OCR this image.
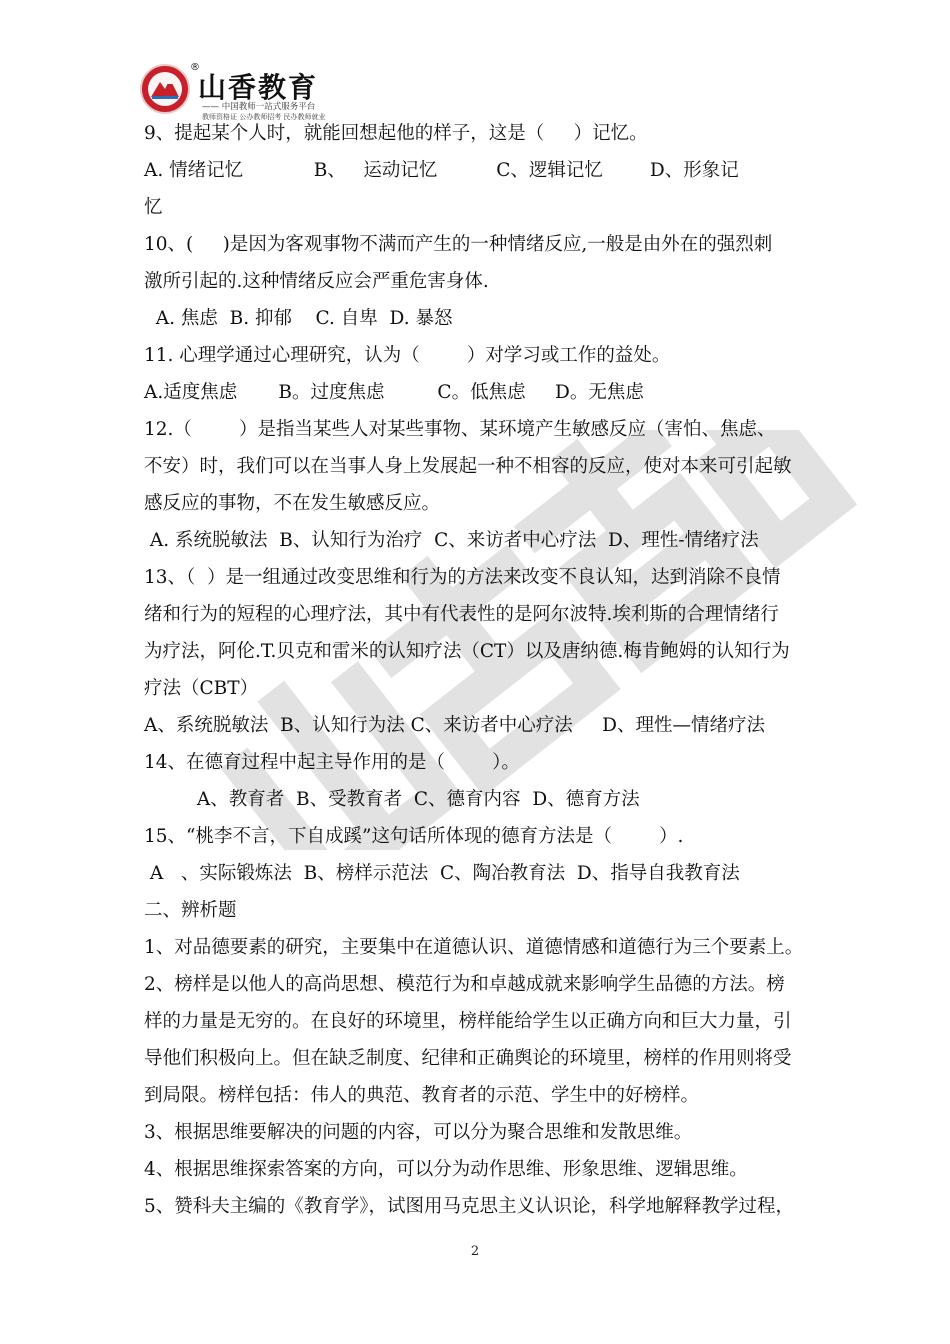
®
山香教育
—— 中国教师一站式服务平台
教师资格证 公办教师招考 民办教师就业
9、提起某个人时，就能回想起他的样子，这是（     ）记忆。
A. 情绪记忆            B、   运动记忆          C、逻辑记忆        D、形象记
忆
10、(     )是因为客观事物不满而产生的一种情绪反应,一般是由外在的强烈刺
激所引起的.这种情绪反应会严重危害身体.
A. 焦虑  B. 抑郁    C. 自卑  D. 暴怒
11. 心理学通过心理研究，认为（        ）对学习或工作的益处。
A.适度焦虑       B。过度焦虑         C。低焦虑     D。无焦虑
12.（        ）是指当某些人对某些事物、某环境产生敏感反应（害怕、焦虑、
不安）时，我们可以在当事人身上发展起一种不相容的反应，使对本来可引起敏
感反应的事物，不在发生敏感反应。
A. 系统脱敏法  B、认知行为治疗  C、来访者中心疗法  D、理性-情绪疗法
13、（  ）是一组通过改变思维和行为的方法来改变不良认知，达到消除不良情
绪和行为的短程的心理疗法，其中有代表性的是阿尔波特.埃利斯的合理情绪行
为疗法，阿伦.T.贝克和雷米的认知疗法（CT）以及唐纳德.梅肯鲍姆的认知行为
疗法（CBT）
A、系统脱敏法  B、认知行为法 C、来访者中心疗法     D、理性—情绪疗法
14、在德育过程中起主导作用的是（        ）。
A、教育者  B、受教育者  C、德育内容  D、德育方法
15、“桃李不言，下自成蹊”这句话所体现的德育方法是（        ）.
A   、实际锻炼法  B、榜样示范法  C、陶冶教育法  D、指导自我教育法
二、辨析题
1、对品德要素的研究，主要集中在道德认识、道德情感和道德行为三个要素上。
2、榜样是以他人的高尚思想、模范行为和卓越成就来影响学生品德的方法。榜
样的力量是无穷的。在良好的环境里，榜样能给学生以正确方向和巨大力量，引
导他们积极向上。但在缺乏制度、纪律和正确舆论的环境里，榜样的作用则将受
到局限。榜样包括：伟人的典范、教育者的示范、学生中的好榜样。
3、根据思维要解决的问题的内容，可以分为聚合思维和发散思维。
4、根据思维探索答案的方向，可以分为动作思维、形象思维、逻辑思维。
5、赞科夫主编的《教育学》，试图用马克思主义认识论，科学地解释教学过程，
2
